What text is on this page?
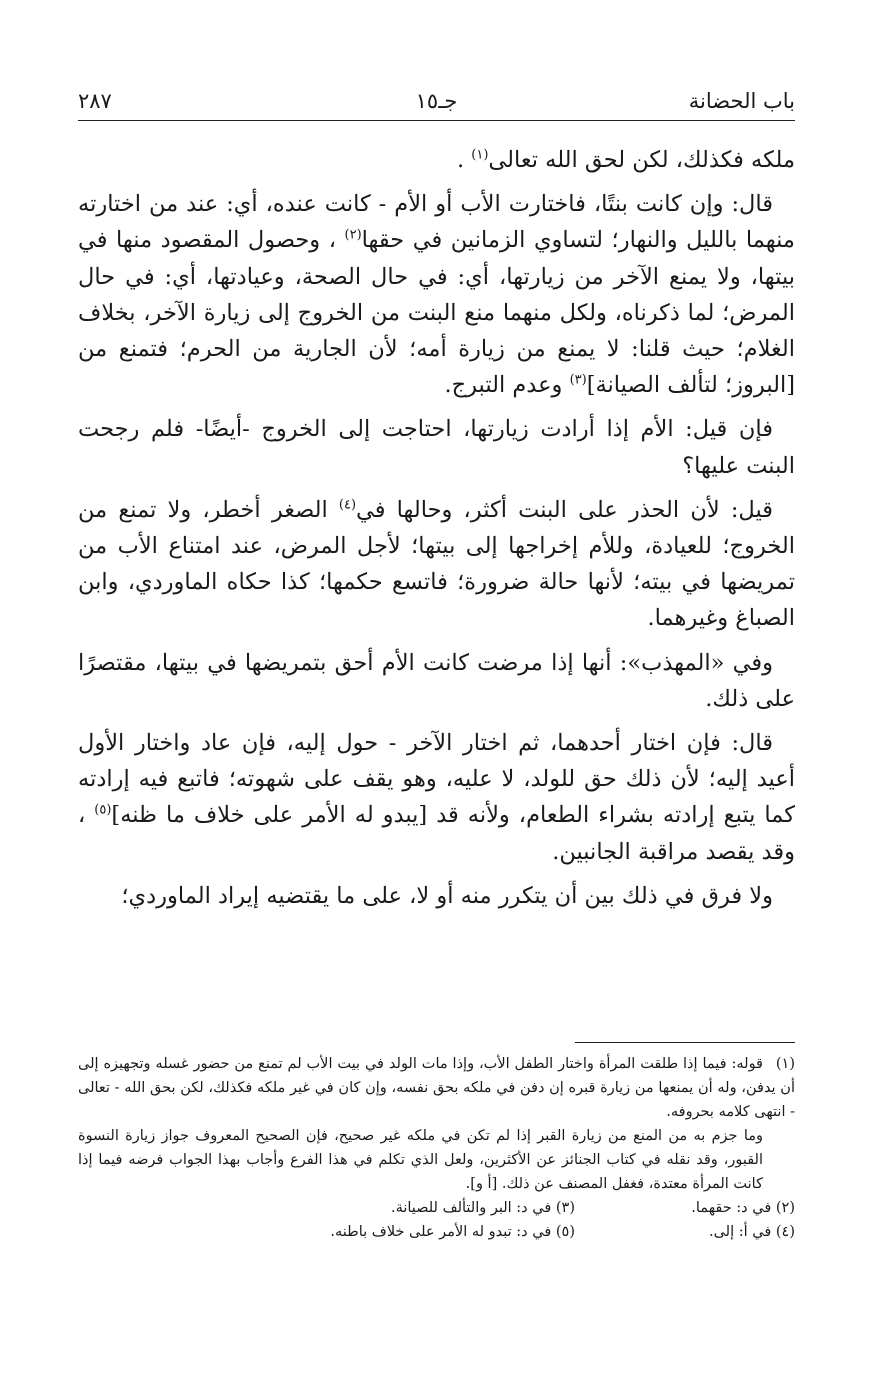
باب الحضانة
جـ١٥
٢٨٧

ملكه فكذلك، لكن لحق الله تعالى$^{(١)}$ .

قال: وإن كانت بنتًا، فاختارت الأب أو الأم - كانت عنده، أي: عند من اختارته منهما بالليل والنهار؛ لتساوي الزمانين في حقها$^{(٢)}$ ، وحصول المقصود منها في بيتها، ولا يمنع الآخر من زيارتها، أي: في حال الصحة، وعيادتها، أي: في حال المرض؛ لما ذكرناه، ولكل منهما منع البنت من الخروج إلى زيارة الآخر، بخلاف الغلام؛ حيث قلنا: لا يمنع من زيارة أمه؛ لأن الجارية من الحرم؛ فتمنع من [البروز؛ لتألف الصيانة]$^{(٣)}$ وعدم التبرج.

فإن قيل: الأم إذا أرادت زيارتها، احتاجت إلى الخروج -أيضًا- فلم رجحت البنت عليها؟

قيل: لأن الحذر على البنت أكثر، وحالها في$^{(٤)}$ الصغر أخطر، ولا تمنع من الخروج؛ للعيادة، وللأم إخراجها إلى بيتها؛ لأجل المرض، عند امتناع الأب من تمريضها في بيته؛ لأنها حالة ضرورة؛ فاتسع حكمها؛ كذا حكاه الماوردي، وابن الصباغ وغيرهما.

وفي «المهذب»: أنها إذا مرضت كانت الأم أحق بتمريضها في بيتها، مقتصرًا على ذلك.

قال: فإن اختار أحدهما، ثم اختار الآخر - حول إليه، فإن عاد واختار الأول أعيد إليه؛ لأن ذلك حق للولد، لا عليه، وهو يقف على شهوته؛ فاتبع فيه إرادته كما يتبع إرادته بشراء الطعام، ولأنه قد [يبدو له الأمر على خلاف ما ظنه]$^{(٥)}$ ، وقد يقصد مراقبة الجانبين.

ولا فرق في ذلك بين أن يتكرر منه أو لا، على ما يقتضيه إيراد الماوردي؛

(١)قوله: فيما إذا طلقت المرأة واختار الطفل الأب، وإذا مات الولد في بيت الأب لم تمنع من حضور غسله وتجهيزه إلى أن يدفن، وله أن يمنعها من زيارة قبره إن دفن في ملكه بحق نفسه، وإن كان في غير ملكه فكذلك، لكن بحق الله - تعالى - انتهى كلامه بحروفه.

وما جزم به من المنع من زيارة القبر إذا لم تكن في ملكه غير صحيح، فإن الصحيح المعروف جواز زيارة النسوة القبور، وقد نقله في كتاب الجنائز عن الأكثرين، ولعل الذي تكلم في هذا الفرع وأجاب بهذا الجواب فرضه فيما إذا كانت المرأة معتدة، فغفل المصنف عن ذلك. [أ و].

(٢) في د: حقهما.
(٣) في د: البر والتألف للصيانة.
(٤) في أ: إلى.
(٥) في د: تبدو له الأمر على خلاف باطنه.
